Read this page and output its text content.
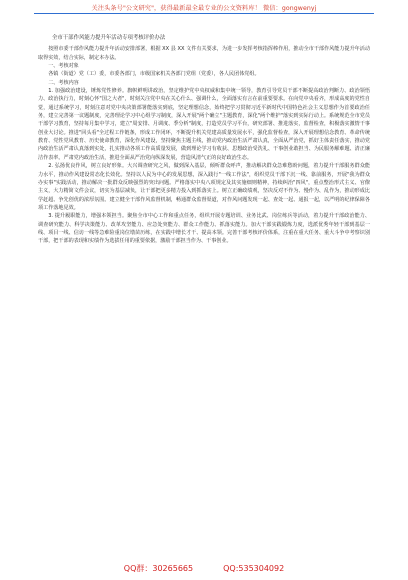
关注头条号"公文研究"，获得最新最全最专业的公文资料库！ 微信：gongwenyj
全市干部作风能力提升年活动专项考核评价办法

按照市委干部作风能力提升年活动安排部署，根据 XX 县 XX 文件有关要求，为进一步发挥考核指挥棒作用，推动全市干部作风能力提升年活动取得实效，结合实际，制定本办法。

一、考核对象

各镇（街道）党（工）委，市委各部门，市级国家机关各部门党组（党委），各人民团体党组。

二、考核内容

1. 加强政治建设，锤炼党性修养。旗帜鲜明讲政治，坚定维护党中央权威和集中统一领导，教育引导党员干部不断提高政治判断力、政治领悟力、政治执行力，时刻心怀"国之大者"，时刻关注党中央在关心什么、强调什么，全面落实有言在前重要要求。在向党中央看齐，形成高度的党性自觉，通过系统学习，时刻注意对党中央决策部署能落实到底，坚定理想信念，始终把学习贯彻习近平新时代中国特色社会主义思想作为首要政治任务，建立完善第一议题制度，完善理论学习中心组学习制度，深入开展"两个确立"主题教育，深化"两个维护"落实到实际行动上。系统规范全市党员干部学习教育，坚持每月集中学习，建立"周安排、月调度、季分析"制度，打造党员学习平台，研究部署、推进落实，监督检查，积极落实激情干事创业大讨论。推进"回头看"全过程工作链条，形成工作闭环，不断提升机关党建高质量发展水平，强化监督检查，深入开展理想信念教育、革命传统教育、党性党风教育、历史使命教育，深化作风建设，坚持聚焦主题主线，推动党内政治生活严肃认真，全面从严治党，抓好主体责任落实，推动党内政治生活严肃认真落到实处，扎实推动各项工作高质量发展，做到理论学习有收获、思想政治受洗礼、干事创业敢担当、为民服务解难题、清正廉洁作表率。严肃党内政治生活，推进全面从严治党向纵深发展，营造风清气正的良好政治生态。

2. 弘扬优良作风，树立良好形象。大兴调查研究之风，做到深入基层，倾听群众呼声，推动解决群众急难愁盼问题，着力提升干部服务群众能力水平，推动作风建设常态化长效化。坚持以人民为中心的发展思想，深入践行"一线工作法"，组织党员干部下沉一线、靠前服务，开展"我为群众办实事"实践活动，推动解决一批群众反映强烈的突出问题。严格落实中央八项规定及其实施细则精神，持续纠治"四风"，重点整治形式主义、官僚主义，大力精简文件会议，切实为基层减负，让干部把更多精力投入到抓落实上。树立正确政绩观，坚决反对不作为、慢作为、乱作为，推动形成比学赶超、争先创优的浓厚氛围。建立健全干部作风监督机制，畅通群众监督渠道，对作风问题发现一起、查处一起、通报一起，以严明的纪律保障各项工作落地见效。

3. 提升履职能力，增强本领担当。聚焦全市中心工作和重点任务，组织开展专题培训、业务比武、岗位练兵等活动，着力提升干部政治能力、调查研究能力、科学决策能力、改革攻坚能力、应急处突能力、群众工作能力、抓落实能力。加大干部实践锻炼力度，选派优秀年轻干部到基层一线、项目一线、信访一线等急难险重岗位墩苗历练，在实践中增长才干、提高本领。完善干部考核评价体系，注重在重大任务、重大斗争中考察识别干部，把干部的表现和实绩作为选拔任用的重要依据，激励干部担当作为、干事创业。

QQ群：30265665	QQ:535304092
